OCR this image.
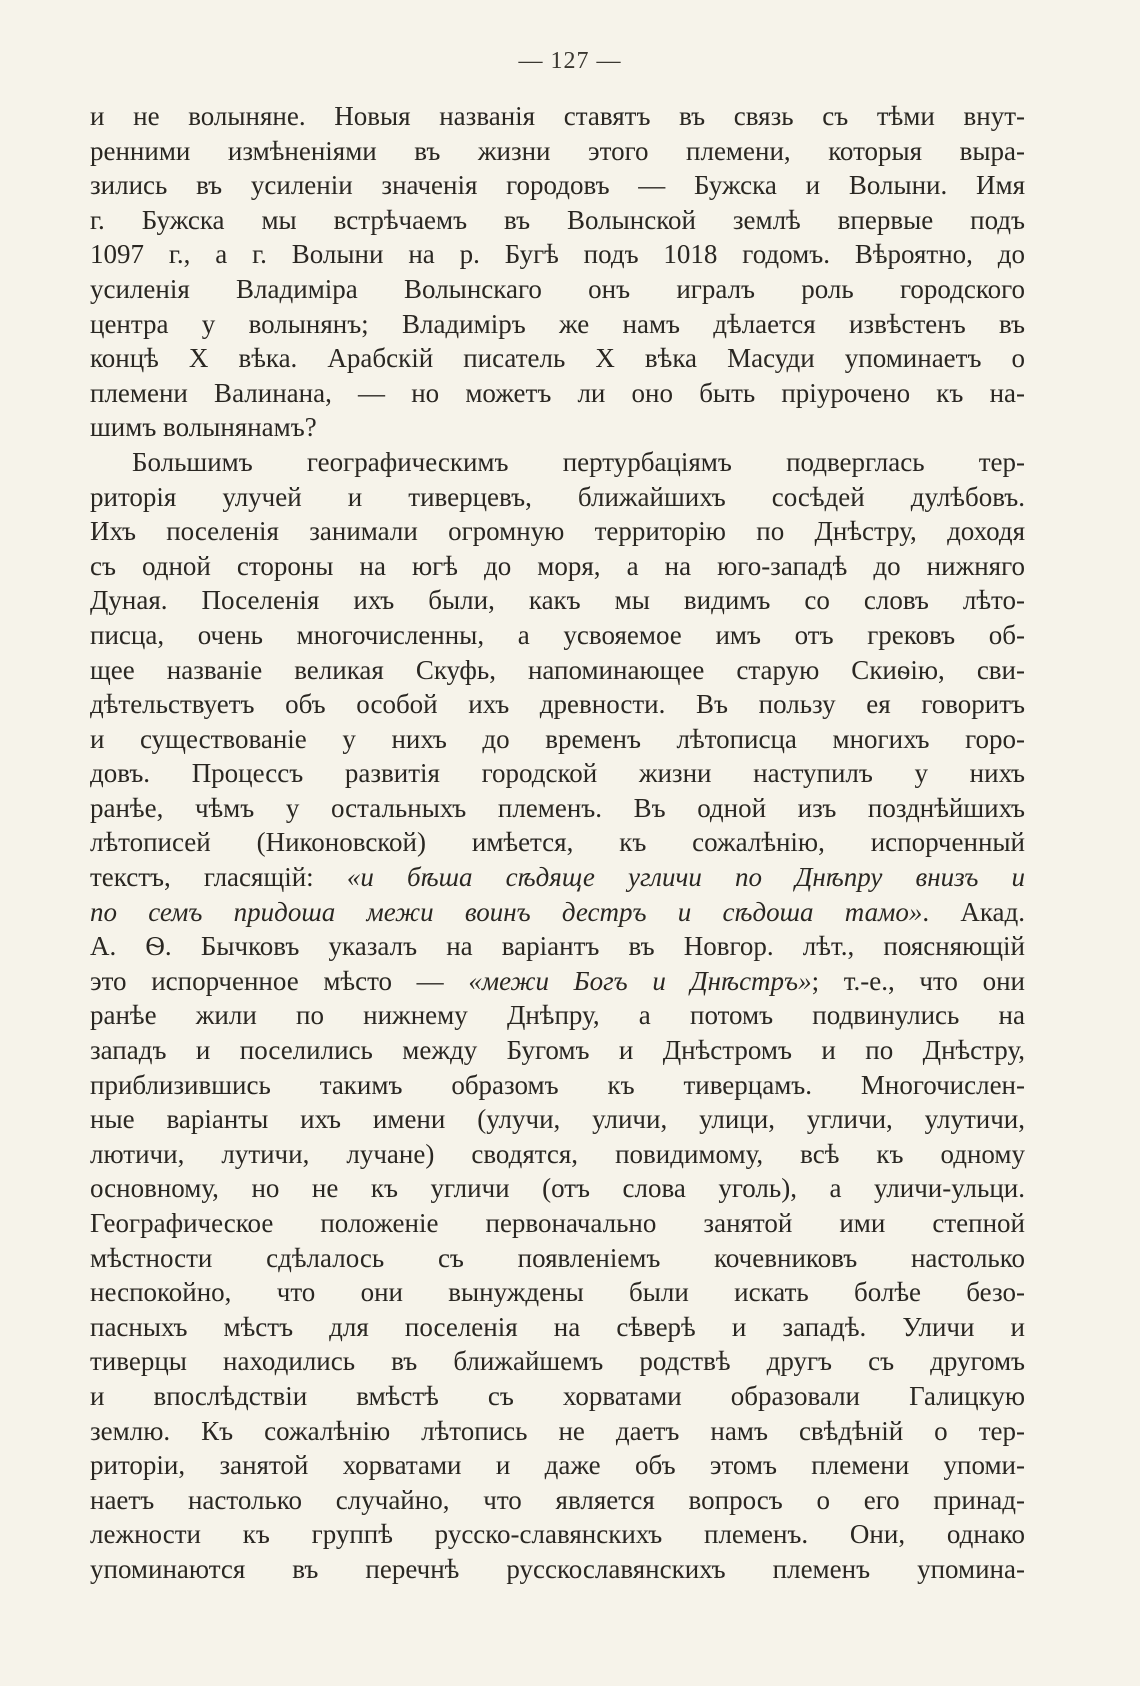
— 127 —
и не волыняне. Новыя названія ставятъ въ связь съ тѣми внут-
ренними измѣненіями въ жизни этого племени, которыя выра-
зились въ усиленіи значенія городовъ — Бужска и Волыни. Имя
г. Бужска мы встрѣчаемъ въ Волынской землѣ впервые подъ
1097 г., а г. Волыни на р. Бугѣ подъ 1018 годомъ. Вѣроятно, до
усиленія Владиміра Волынскаго онъ игралъ роль городского
центра у волынянъ; Владиміръ же намъ дѣлается извѣстенъ въ
концѣ X вѣка. Арабскій писатель X вѣка Масуди упоминаетъ о
племени Валинана, — но можетъ ли оно быть пріурочено къ на-
шимъ волынянамъ?
Большимъ географическимъ пертурбаціямъ подверглась тер-
риторія улучей и тиверцевъ, ближайшихъ сосѣдей дулѣбовъ.
Ихъ поселенія занимали огромную территорію по Днѣстру, доходя
съ одной стороны на югѣ до моря, а на юго-западѣ до нижняго
Дуная. Поселенія ихъ были, какъ мы видимъ со словъ лѣто-
писца, очень многочисленны, а усвояемое имъ отъ грековъ об-
щее названіе великая Скуфь, напоминающее старую Скиѳію, сви-
дѣтельствуетъ объ особой ихъ древности. Въ пользу ея говоритъ
и существованіе у нихъ до временъ лѣтописца многихъ горо-
довъ. Процессъ развитія городской жизни наступилъ у нихъ
ранѣе, чѣмъ у остальныхъ племенъ. Въ одной изъ позднѣйшихъ
лѣтописей (Никоновской) имѣется, къ сожалѣнію, испорченный
текстъ, гласящій: «и бѣша сѣдяще угличи по Днѣпру внизъ и
по семъ придоша межи воинъ дестръ и сѣдоша тамо». Акад.
А. Ѳ. Бычковъ указалъ на варіантъ въ Новгор. лѣт., поясняющій
это испорченное мѣсто — «межи Богъ и Днѣстръ»; т.-е., что они
ранѣе жили по нижнему Днѣпру, а потомъ подвинулись на
западъ и поселились между Бугомъ и Днѣстромъ и по Днѣстру,
приблизившись такимъ образомъ къ тиверцамъ. Многочислен-
ные варіанты ихъ имени (улучи, уличи, улици, угличи, улутичи,
лютичи, лутичи, лучане) сводятся, повидимому, всѣ къ одному
основному, но не къ угличи (отъ слова уголь), а уличи-ульци.
Географическое положеніе первоначально занятой ими степной
мѣстности сдѣлалось съ появленіемъ кочевниковъ настолько
неспокойно, что они вынуждены были искать болѣе безо-
пасныхъ мѣстъ для поселенія на сѣверѣ и западѣ. Уличи и
тиверцы находились въ ближайшемъ родствѣ другъ съ другомъ
и впослѣдствіи вмѣстѣ съ хорватами образовали Галицкую
землю. Къ сожалѣнію лѣтопись не даетъ намъ свѣдѣній о тер-
риторіи, занятой хорватами и даже объ этомъ племени упоми-
наетъ настолько случайно, что является вопросъ о его принад-
лежности къ группѣ русско-славянскихъ племенъ. Они, однако
упоминаются въ перечнѣ русскославянскихъ племенъ упомина-
